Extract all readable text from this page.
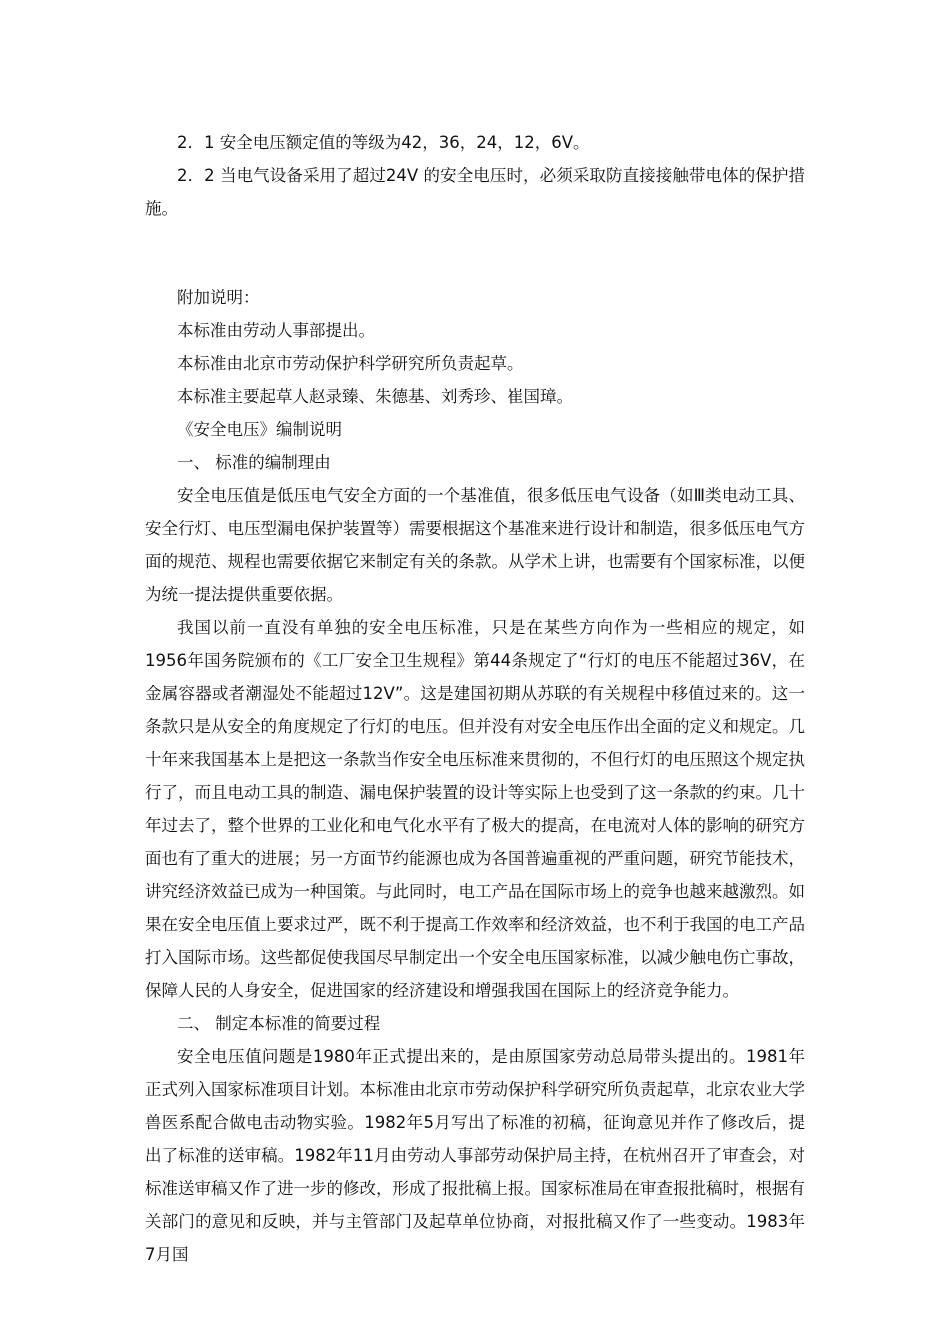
2．1 安全电压额定值的等级为42，36，24，12，6V。

2．2 当电气设备采用了超过24V 的安全电压时，必须采取防直接接触带电体的保护措施。

附加说明：

本标准由劳动人事部提出。

本标准由北京市劳动保护科学研究所负责起草。

本标准主要起草人赵录臻、朱德基、刘秀珍、崔国璋。

《安全电压》编制说明

一、 标准的编制理由

安全电压值是低压电气安全方面的一个基准值，很多低压电气设备（如Ⅲ类电动工具、安全行灯、电压型漏电保护装置等）需要根据这个基准来进行设计和制造，很多低压电气方面的规范、规程也需要依据它来制定有关的条款。从学术上讲，也需要有个国家标准，以便为统一提法提供重要依据。

我国以前一直没有单独的安全电压标准，只是在某些方向作为一些相应的规定，如1956年国务院颁布的《工厂安全卫生规程》第44条规定了“行灯的电压不能超过36V，在金属容器或者潮湿处不能超过12V”。这是建国初期从苏联的有关规程中移值过来的。这一条款只是从安全的角度规定了行灯的电压。但并没有对安全电压作出全面的定义和规定。几十年来我国基本上是把这一条款当作安全电压标准来贯彻的，不但行灯的电压照这个规定执行了，而且电动工具的制造、漏电保护装置的设计等实际上也受到了这一条款的约束。几十年过去了，整个世界的工业化和电气化水平有了极大的提高，在电流对人体的影响的研究方面也有了重大的进展；另一方面节约能源也成为各国普遍重视的严重问题，研究节能技术，讲究经济效益已成为一种国策。与此同时，电工产品在国际市场上的竞争也越来越激烈。如果在安全电压值上要求过严，既不利于提高工作效率和经济效益，也不利于我国的电工产品打入国际市场。这些都促使我国尽早制定出一个安全电压国家标准，以减少触电伤亡事故，保障人民的人身安全，促进国家的经济建设和增强我国在国际上的经济竞争能力。

二、 制定本标准的简要过程

安全电压值问题是1980年正式提出来的，是由原国家劳动总局带头提出的。1981年正式列入国家标准项目计划。本标准由北京市劳动保护科学研究所负责起草，北京农业大学兽医系配合做电击动物实验。1982年5月写出了标准的初稿，征询意见并作了修改后，提出了标准的送审稿。1982年11月由劳动人事部劳动保护局主持，在杭州召开了审查会，对标准送审稿又作了进一步的修改，形成了报批稿上报。国家标准局在审查报批稿时，根据有关部门的意见和反映，并与主管部门及起草单位协商，对报批稿又作了一些变动。1983年7月国
